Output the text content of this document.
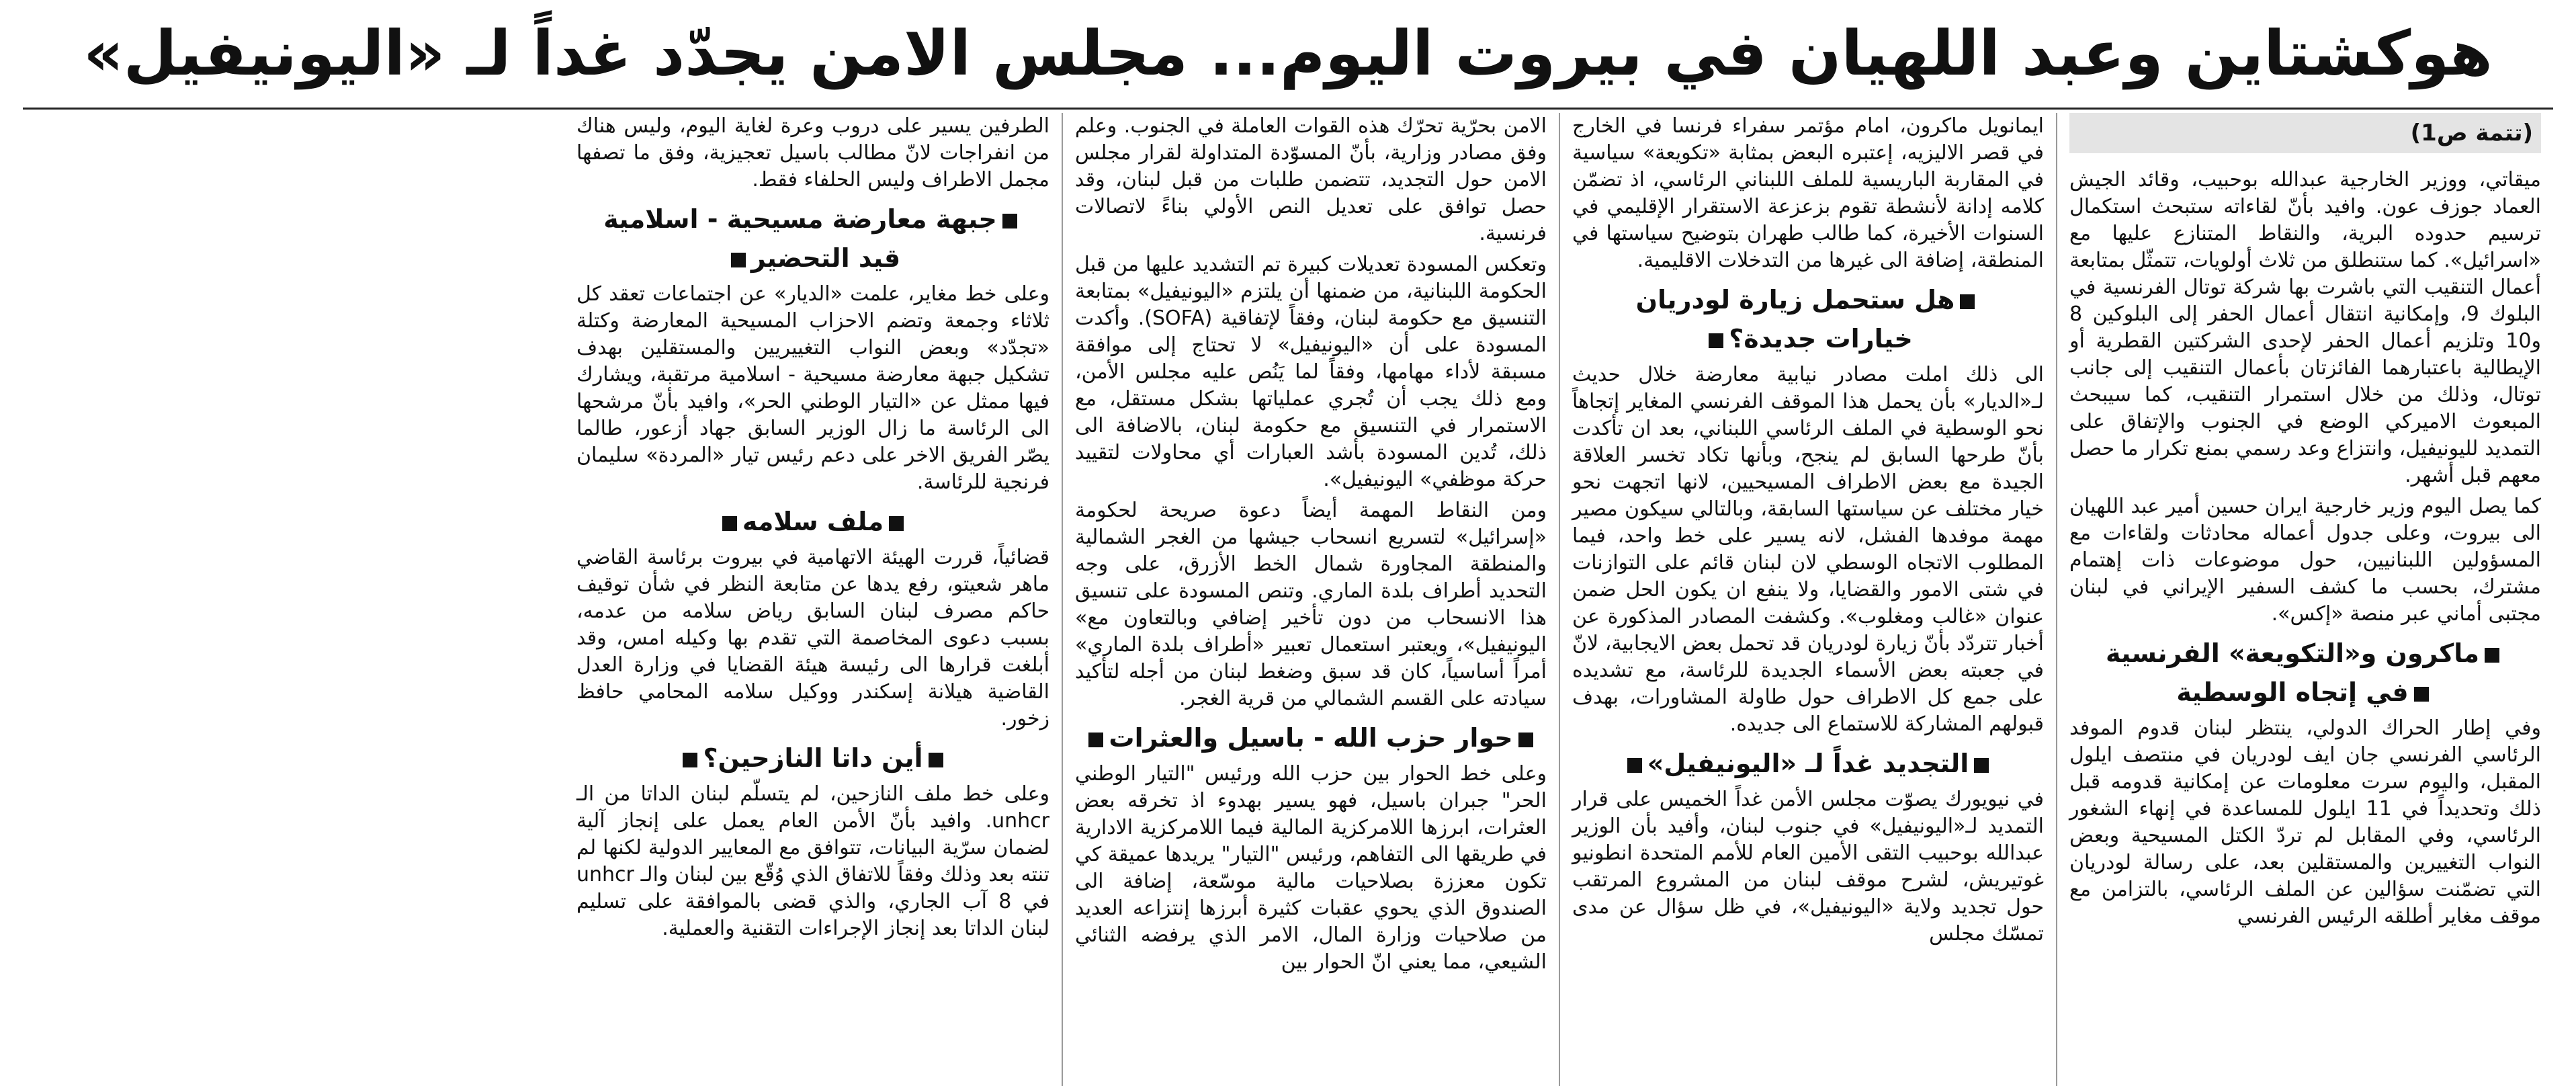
هوكشتاين وعبد اللهيان في بيروت اليوم... مجلس الامن يجدّد غداً لـ «اليونيفيل»
(تتمة ص1)

ميقاتي، ووزير الخارجية عبدالله بوحبيب، وقائد الجيش العماد جوزف عون. وافيد بأنّ لقاءاته ستبحث استكمال ترسيم حدوده البرية، والنقاط المتنازع عليها مع «اسرائيل». كما ستنطلق من ثلاث أولويات، تتمثّل بمتابعة أعمال التنقيب التي باشرت بها شركة توتال الفرنسية في البلوك 9، وإمكانية انتقال أعمال الحفر إلى البلوكين 8 و10 وتلزيم أعمال الحفر لإحدى الشركتين القطرية أو الإيطالية باعتبارهما الفائزتان بأعمال التنقيب إلى جانب توتال، وذلك من خلال استمرار التنقيب، كما سيبحث المبعوث الاميركي الوضع في الجنوب والإتفاق على التمديد لليونيفيل، وانتزاع وعد رسمي بمنع تكرار ما حصل معهم قبل أشهر.

كما يصل اليوم وزير خارجية ايران حسين أمير عبد اللهيان الى بيروت، وعلى جدول أعماله محادثات ولقاءات مع المسؤولين اللبنانيين، حول موضوعات ذات إهتمام مشترك، بحسب ما كشف السفير الإيراني في لبنان مجتبى أماني عبر منصة «إكس».

ماكرون و«التكويعة» الفرنسية
في إتجاه الوسطية

وفي إطار الحراك الدولي، ينتظر لبنان قدوم الموفد الرئاسي الفرنسي جان ايف لودريان في منتصف ايلول المقبل، واليوم سرت معلومات عن إمكانية قدومه قبل ذلك وتحديداً في 11 ايلول للمساعدة في إنهاء الشغور الرئاسي، وفي المقابل لم تردّ الكتل المسيحية وبعض النواب التغييرين والمستقلين بعد، على رسالة لودريان التي تضمّنت سؤالين عن الملف الرئاسي، بالتزامن مع موقف مغاير أطلقه الرئيس الفرنسي

ايمانويل ماكرون، امام مؤتمر سفراء فرنسا في الخارج في قصر الاليزيه، إعتبره البعض بمثابة «تكويعة» سياسية في المقاربة الباريسية للملف اللبناني الرئاسي، اذ تضمّن كلامه إدانة لأنشطة تقوم بزعزعة الاستقرار الإقليمي في السنوات الأخيرة، كما طالب طهران بتوضيح سياستها في المنطقة، إضافة الى غيرها من التدخلات الاقليمية.

هل ستحمل زيارة لودريان
خيارات جديدة؟

الى ذلك املت مصادر نيابية معارضة خلال حديث لـ«الديار» بأن يحمل هذا الموقف الفرنسي المغاير إتجاهاً نحو الوسطية في الملف الرئاسي اللبناني، بعد ان تأكدت بأنّ طرحها السابق لم ينجح، وبأنها تكاد تخسر العلاقة الجيدة مع بعض الاطراف المسيحيين، لانها اتجهت نحو خيار مختلف عن سياستها السابقة، وبالتالي سيكون مصير مهمة موفدها الفشل، لانه يسير على خط واحد، فيما المطلوب الاتجاه الوسطي لان لبنان قائم على التوازنات في شتى الامور والقضايا، ولا ينفع ان يكون الحل ضمن عنوان «غالب ومغلوب». وكشفت المصادر المذكورة عن أخبار تتردّد بأنّ زيارة لودريان قد تحمل بعض الايجابية، لانّ في جعبته بعض الأسماء الجديدة للرئاسة، مع تشديده على جمع كل الاطراف حول طاولة المشاورات، بهدف قبولهم المشاركة للاستماع الى جديده.

التجديد غداً لـ «اليونيفيل»

في نيويورك يصوّت مجلس الأمن غداً الخميس على قرار التمديد لـ«اليونيفيل» في جنوب لبنان، وأفيد بأن الوزير عبدالله بوحبيب التقى الأمين العام للأمم المتحدة انطونيو غوتيريش، لشرح موقف لبنان من المشروع المرتقب حول تجديد ولاية «اليونيفيل»، في ظل سؤال عن مدى تمسّك مجلس

الامن بحرّية تحرّك هذه القوات العاملة في الجنوب. وعلم وفق مصادر وزارية، بأنّ المسوّدة المتداولة لقرار مجلس الامن حول التجديد، تتضمن طلبات من قبل لبنان، وقد حصل توافق على تعديل النص الأولي بناءً لاتصالات فرنسية.

وتعكس المسودة تعديلات كبيرة تم التشديد عليها من قبل الحكومة اللبنانية، من ضمنها أن يلتزم «اليونيفيل» بمتابعة التنسيق مع حكومة لبنان، وفقاً لإتفاقية (SOFA). وأكدت المسودة على أن «اليونيفيل» لا تحتاج إلى موافقة مسبقة لأداء مهامها، وفقاً لما يَنُص عليه مجلس الأمن، ومع ذلك يجب أن تُجري عملياتها بشكل مستقل، مع الاستمرار في التنسيق مع حكومة لبنان، بالاضافة الى ذلك، تُدين المسودة بأشد العبارات أي محاولات لتقييد حركة موظفي» اليونيفيل».

ومن النقاط المهمة أيضاً دعوة صريحة لحكومة «إسرائيل» لتسريع انسحاب جيشها من الغجر الشمالية والمنطقة المجاورة شمال الخط الأزرق، على وجه التحديد أطراف بلدة الماري. وتنص المسودة على تنسيق هذا الانسحاب من دون تأخير إضافي وبالتعاون مع» اليونيفيل»، ويعتبر استعمال تعبير «أطراف بلدة الماري» أمراً أساسياً، كان قد سبق وضغط لبنان من أجله لتأكيد سيادته على القسم الشمالي من قرية الغجر.

حوار حزب الله - باسيل والعثرات

وعلى خط الحوار بين حزب الله ورئيس "التيار الوطني الحر" جبران باسيل، فهو يسير بهدوء اذ تخرقه بعض العثرات، ابرزها اللامركزية المالية فيما اللامركزية الادارية في طريقها الى التفاهم، ورئيس "التيار" يريدها عميقة كي تكون معززة بصلاحيات مالية موسّعة، إضافة الى الصندوق الذي يحوي عقبات كثيرة أبرزها إنتزاعه العديد من صلاحيات وزارة المال، الامر الذي يرفضه الثنائي الشيعي، مما يعني انّ الحوار بين

الطرفين يسير على دروب وعرة لغاية اليوم، وليس هناك من انفراجات لانّ مطالب باسيل تعجيزية، وفق ما تصفها مجمل الاطراف وليس الحلفاء فقط.

جبهة معارضة مسيحية - اسلامية
قيد التحضير

وعلى خط مغاير، علمت «الديار» عن اجتماعات تعقد كل ثلاثاء وجمعة وتضم الاحزاب المسيحية المعارضة وكتلة «تجدّد» وبعض النواب التغييريين والمستقلين بهدف تشكيل جبهة معارضة مسيحية - اسلامية مرتقبة، ويشارك فيها ممثل عن «التيار الوطني الحر»، وافيد بأنّ مرشحها الى الرئاسة ما زال الوزير السابق جهاد أزعور، طالما يصّر الفريق الاخر على دعم رئيس تيار «المردة» سليمان فرنجية للرئاسة.

ملف سلامه

قضائياً، قررت الهيئة الاتهامية في بيروت برئاسة القاضي ماهر شعيتو، رفع يدها عن متابعة النظر في شأن توقيف حاكم مصرف لبنان السابق رياض سلامه من عدمه، بسبب دعوى المخاصمة التي تقدم بها وكيله امس، وقد أبلغت قرارها الى رئيسة هيئة القضايا في وزارة العدل القاضية هيلانة إسكندر ووكيل سلامه المحامي حافظ زخور.

أين داتا النازحين؟

وعلى خط ملف النازحين، لم يتسلّم لبنان الداتا من الـ unhcr. وافيد بأنّ الأمن العام يعمل على إنجاز آلية لضمان سرّية البيانات، تتوافق مع المعايير الدولية لكنها لم تنته بعد وذلك وفقاً للاتفاق الذي وُقّع بين لبنان والـ unhcr في 8 آب الجاري، والذي قضى بالموافقة على تسليم لبنان الداتا بعد إنجاز الإجراءات التقنية والعملية.
